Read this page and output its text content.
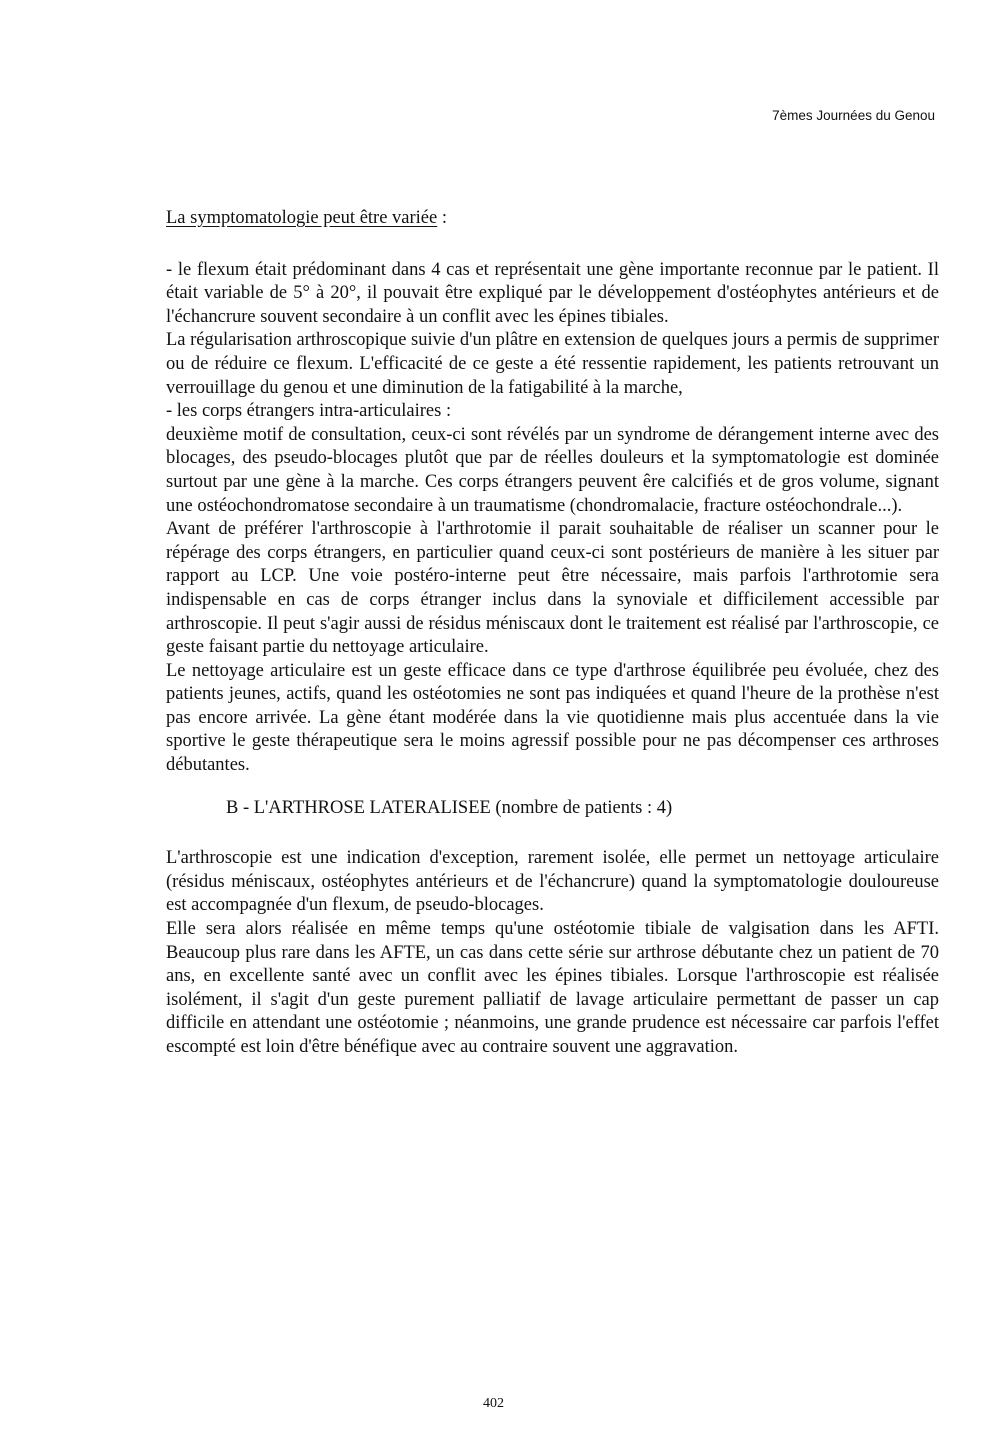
7èmes Journées du Genou

La symptomatologie peut être variée :

- le flexum était prédominant dans 4 cas et représentait une gène importante reconnue par le patient. Il était variable de 5° à 20°, il pouvait être expliqué par le développement d'ostéophytes antérieurs et de l'échancrure souvent secondaire à un conflit avec les épines tibiales.

La régularisation arthroscopique suivie d'un plâtre en extension de quelques jours a permis de supprimer ou de réduire ce flexum. L'efficacité de ce geste a été ressentie rapidement, les patients retrouvant un verrouillage du genou et une diminution de la fatigabilité à la marche,

- les corps étrangers intra-articulaires :

deuxième motif de consultation, ceux-ci sont révélés par un syndrome de dérangement interne avec des blocages, des pseudo-blocages plutôt que par de réelles douleurs et la symptomatologie est dominée surtout par une gène à la marche. Ces corps étrangers peuvent êre calcifiés et de gros volume, signant une ostéochondromatose secondaire à un traumatisme (chondromalacie, fracture ostéochondrale...).

Avant de préférer l'arthroscopie à l'arthrotomie il parait souhaitable de réaliser un scanner pour le répérage des corps étrangers, en particulier quand ceux-ci sont postérieurs de manière à les situer par rapport au LCP. Une voie postéro-interne peut être nécessaire, mais parfois l'arthrotomie sera indispensable en cas de corps étranger inclus dans la synoviale et difficilement accessible par arthroscopie. Il peut s'agir aussi de résidus méniscaux dont le traitement est réalisé par l'arthroscopie, ce geste faisant partie du nettoyage articulaire.

Le nettoyage articulaire est un geste efficace dans ce type d'arthrose équilibrée peu évoluée, chez des patients jeunes, actifs, quand les ostéotomies ne sont pas indiquées et quand l'heure de la prothèse n'est pas encore arrivée. La gène étant modérée dans la vie quotidienne mais plus accentuée dans la vie sportive le geste thérapeutique sera le moins agressif possible pour ne pas décompenser ces arthroses débutantes.

B - L'ARTHROSE LATERALISEE (nombre de patients : 4)

L'arthroscopie est une indication d'exception, rarement isolée, elle permet un nettoyage articulaire (résidus méniscaux, ostéophytes antérieurs et de l'échancrure) quand la symptomatologie douloureuse est accompagnée d'un flexum, de pseudo-blocages.

Elle sera alors réalisée en même temps qu'une ostéotomie tibiale de valgisation dans les AFTI. Beaucoup plus rare dans les AFTE, un cas dans cette série sur arthrose débutante chez un patient de 70 ans, en excellente santé avec un conflit avec les épines tibiales. Lorsque l'arthroscopie est réalisée isolément, il s'agit d'un geste purement palliatif de lavage articulaire permettant de passer un cap difficile en attendant une ostéotomie ; néanmoins, une grande prudence est nécessaire car parfois l'effet escompté est loin d'être bénéfique avec au contraire souvent une aggravation.

402
